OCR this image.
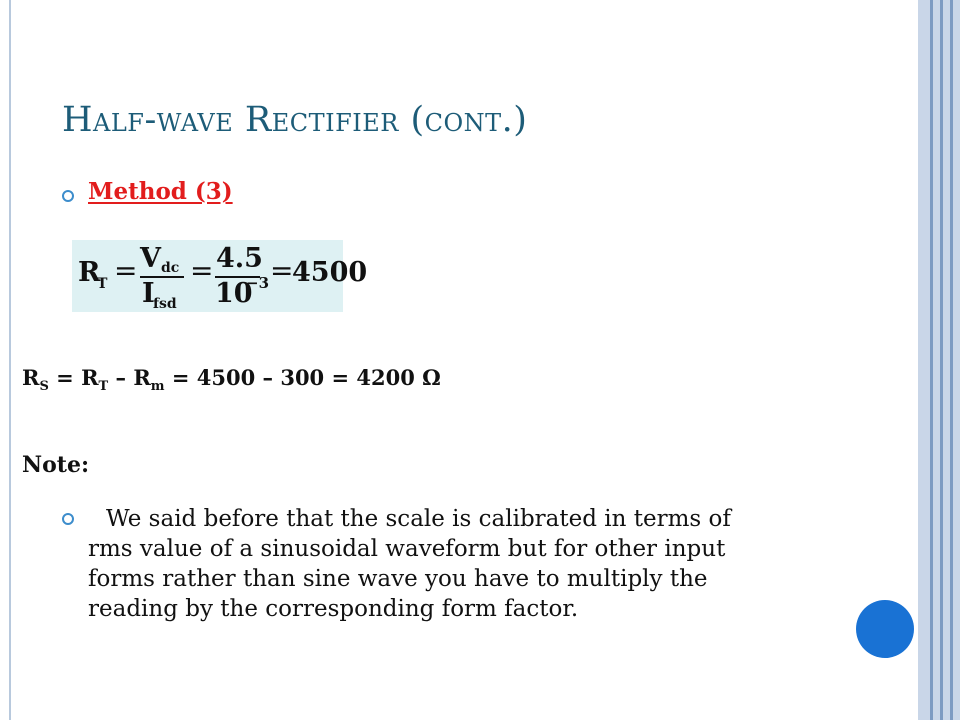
HALF-WAVE RECTIFIER (CONT.)
Method (3)
R
T = V dc
I
fsd
= 4.5
10
−3 =
4500
$R_S = R_T - R_m = 4500 - 300 = 4200$ Ω
Note:
We said before that the scale is calibrated in terms of
rms value of a sinusoidal waveform but for other input
forms rather than sine wave you have to multiply the
reading by the corresponding form factor.
